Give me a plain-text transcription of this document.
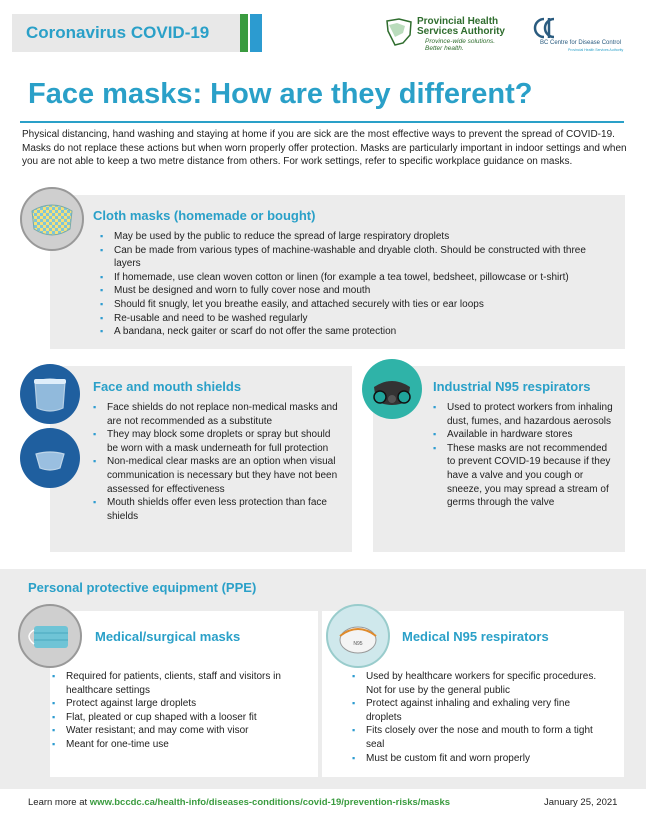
Coronavirus COVID-19
Provincial Health Services Authority
Province-wide solutions. Better health.
BC Centre for Disease Control
Provincial Health Services Authority
Face masks: How are they different?
Physical distancing, hand washing and staying at home if you are sick are the most effective ways to prevent the spread of COVID-19. Masks do not replace these actions but when worn properly offer protection. Masks are particularly important in indoor settings and when you are not able to keep a two metre distance from others. For work settings, refer to specific workplace guidance on masks.
Cloth masks (homemade or bought)
▪ May be used by the public to reduce the spread of large respiratory droplets
▪ Can be made from various types of machine-washable and dryable cloth. Should be constructed with three layers
▪ If homemade, use clean woven cotton or linen (for example a tea towel, bedsheet, pillowcase or t-shirt)
▪ Must be designed and worn to fully cover nose and mouth
▪ Should fit snugly, let you breathe easily, and attached securely with ties or ear loops
▪ Re-usable and need to be washed regularly
▪ A bandana, neck gaiter or scarf do not offer the same protection
Face and mouth shields
▪ Face shields do not replace non-medical masks and are not recommended as a substitute
▪ They may block some droplets or spray but should be worn with a mask underneath for full protection
▪ Non-medical clear masks are an option when visual communication is necessary but they have not been assessed for effectiveness
▪ Mouth shields offer even less protection than face shields
Industrial N95 respirators
▪ Used to protect workers from inhaling dust, fumes, and hazardous aerosols
▪ Available in hardware stores
▪ These masks are not recommended to prevent COVID-19 because if they have a valve and you cough or sneeze, you may spread a stream of germs through the valve
Personal protective equipment (PPE)
Medical/surgical masks
▪ Required for patients, clients, staff and visitors in healthcare settings
▪ Protect against large droplets
▪ Flat, pleated or cup shaped with a looser fit
▪ Water resistant; and may come with visor
▪ Meant for one-time use
N95	Medical N95 respirators
▪ Used by healthcare workers for specific procedures. Not for use by the general public
▪ Protect against inhaling and exhaling very fine droplets
▪ Fits closely over the nose and mouth to form a tight seal
▪ Must be custom fit and worn properly
Learn more at www.bccdc.ca/health-info/diseases-conditions/covid-19/prevention-risks/masks	January 25, 2021
